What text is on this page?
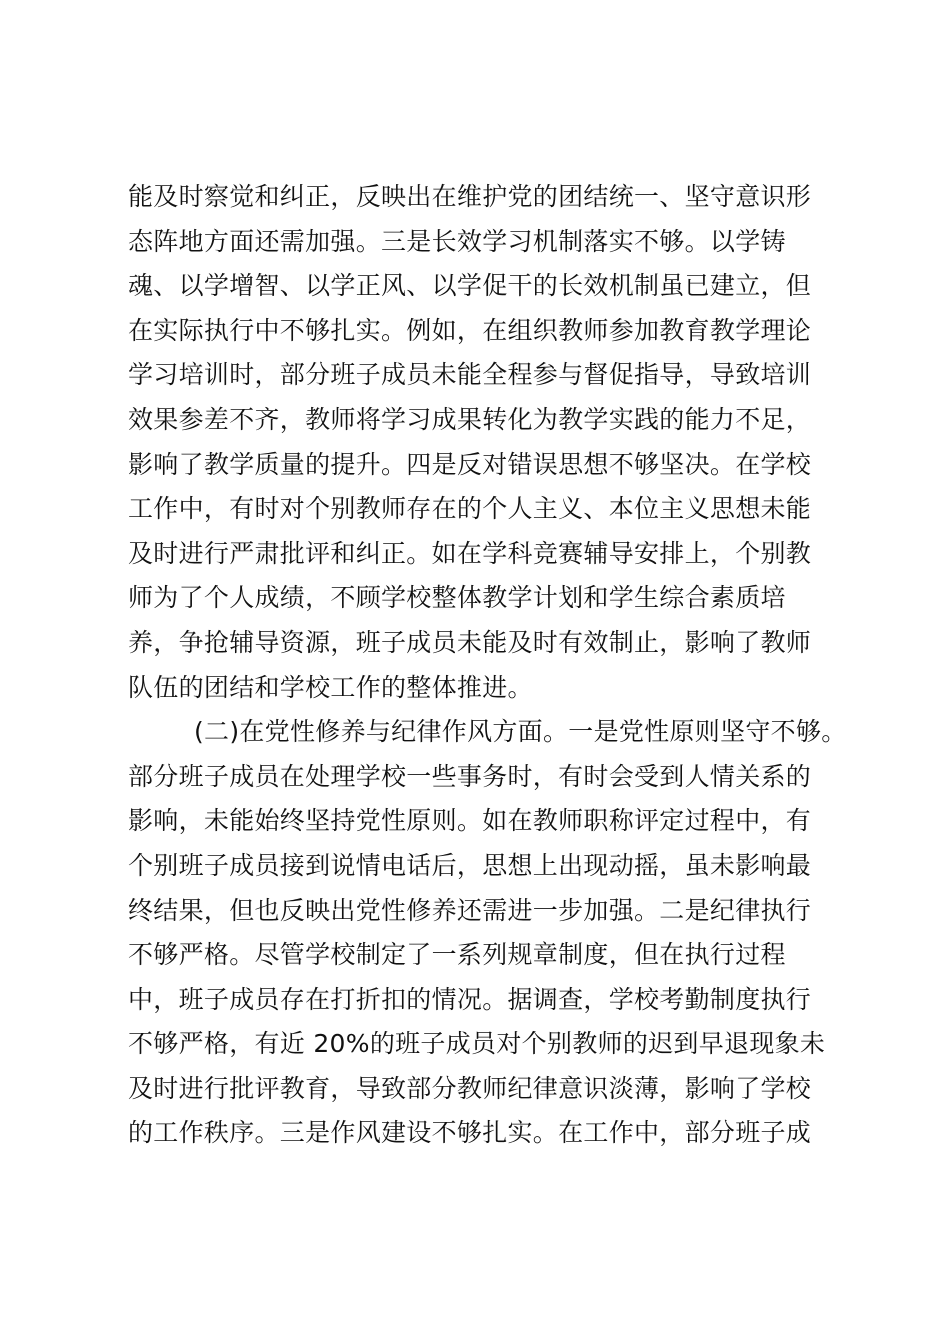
能及时察觉和纠正，反映出在维护党的团结统一、坚守意识形
态阵地方面还需加强。三是长效学习机制落实不够。以学铸
魂、以学增智、以学正风、以学促干的长效机制虽已建立，但
在实际执行中不够扎实。例如，在组织教师参加教育教学理论
学习培训时，部分班子成员未能全程参与督促指导，导致培训
效果参差不齐，教师将学习成果转化为教学实践的能力不足，
影响了教学质量的提升。四是反对错误思想不够坚决。在学校
工作中，有时对个别教师存在的个人主义、本位主义思想未能
及时进行严肃批评和纠正。如在学科竞赛辅导安排上，个别教
师为了个人成绩，不顾学校整体教学计划和学生综合素质培
养，争抢辅导资源，班子成员未能及时有效制止，影响了教师
队伍的团结和学校工作的整体推进。
(二)在党性修养与纪律作风方面。一是党性原则坚守不够。
部分班子成员在处理学校一些事务时，有时会受到人情关系的
影响，未能始终坚持党性原则。如在教师职称评定过程中，有
个别班子成员接到说情电话后，思想上出现动摇，虽未影响最
终结果，但也反映出党性修养还需进一步加强。二是纪律执行
不够严格。尽管学校制定了一系列规章制度，但在执行过程
中，班子成员存在打折扣的情况。据调查，学校考勤制度执行
不够严格，有近 20%的班子成员对个别教师的迟到早退现象未
及时进行批评教育，导致部分教师纪律意识淡薄，影响了学校
的工作秩序。三是作风建设不够扎实。在工作中，部分班子成
